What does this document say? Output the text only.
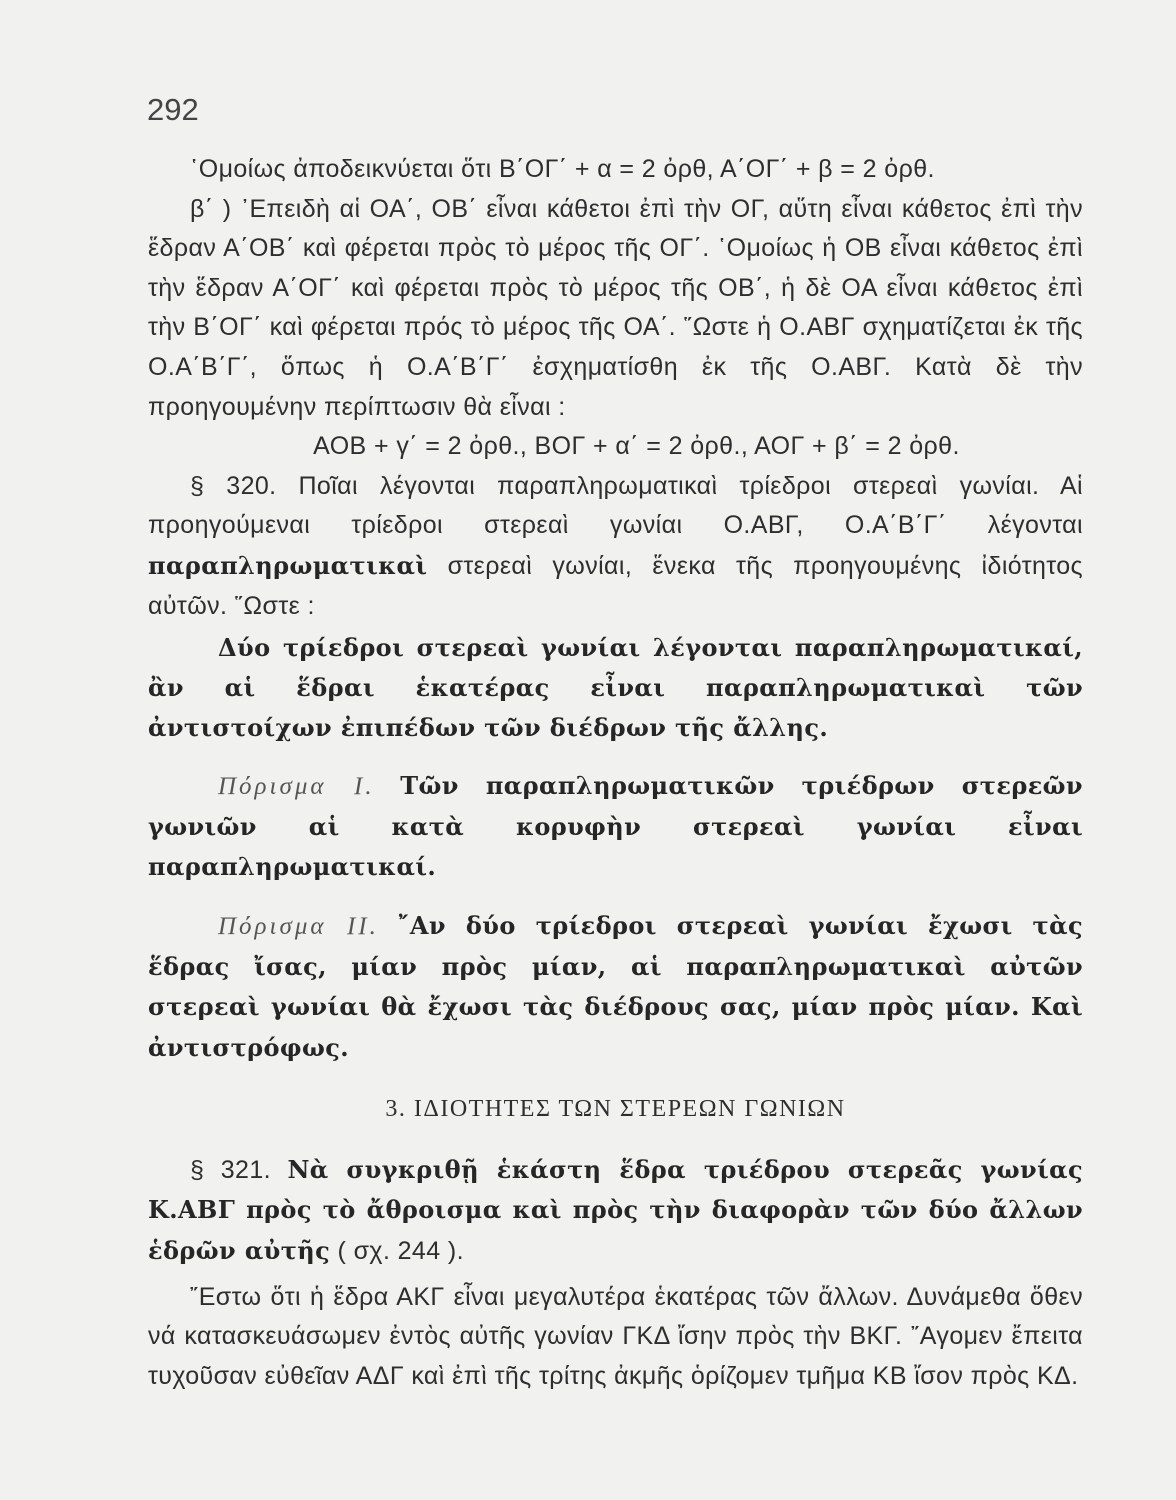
292

῾Ομοίως ἀποδεικνύεται ὅτι Β΄ΟΓ΄ + α = 2 ὀρθ, Α΄ΟΓ΄ + β = 2 ὀρθ.

β΄ ) ᾿Επειδὴ αἱ ΟΑ΄, ΟΒ΄ εἶναι κάθετοι ἐπὶ τὴν ΟΓ, αὕτη εἶναι κάθετος ἐπὶ τὴν ἕδραν Α΄ΟΒ΄ καὶ φέρεται πρὸς τὸ μέρος τῆς ΟΓ΄. ῾Ομοίως ἡ ΟΒ εἶναι κάθετος ἐπὶ τὴν ἕδραν Α΄ΟΓ΄ καὶ φέρεται πρὸς τὸ μέρος τῆς ΟΒ΄, ἡ δὲ ΟΑ εἶναι κάθετος ἐπὶ τὴν Β΄ΟΓ΄ καὶ φέρεται πρός τὸ μέρος τῆς ΟΑ΄. ῞Ωστε ἡ Ο.ΑΒΓ σχηματίζεται ἐκ τῆς Ο.Α΄Β΄Γ΄, ὅπως ἡ Ο.Α΄Β΄Γ΄ ἐσχηματίσθη ἐκ τῆς Ο.ΑΒΓ. Κατὰ δὲ τὴν προηγουμένην περίπτωσιν θὰ εἶναι :

ΑΟΒ + γ΄ = 2 ὀρθ., ΒΟΓ + α΄ = 2 ὀρθ., ΑΟΓ + β΄ = 2 ὀρθ.

§ 320. Ποῖαι λέγονται παραπληρωματικαὶ τρίεδροι στερεαὶ γωνίαι. Αἱ προηγούμεναι τρίεδροι στερεαὶ γωνίαι Ο.ΑΒΓ, Ο.Α΄Β΄Γ΄ λέγονται παραπληρωματικαὶ στερεαὶ γωνίαι, ἕνεκα τῆς προηγουμένης ἰδιότητος αὐτῶν. ῞Ωστε :

Δύο τρίεδροι στερεαὶ γωνίαι λέγονται παραπληρωματικαί, ἂν αἱ ἕδραι ἑκατέρας εἶναι παραπληρωματικαὶ τῶν ἀντιστοίχων ἐπιπέδων τῶν διέδρων τῆς ἄλλης.

Πόρισμα Ι. Τῶν παραπληρωματικῶν τριέδρων στερεῶν γωνιῶν αἱ κατὰ κορυφὴν στερεαὶ γωνίαι εἶναι παραπληρωματικαί.

Πόρισμα ΙΙ. ῎Αν δύο τρίεδροι στερεαὶ γωνίαι ἔχωσι τὰς ἕδρας ἴσας, μίαν πρὸς μίαν, αἱ παραπληρωματικαὶ αὐτῶν στερεαὶ γωνίαι θὰ ἔχωσι τὰς διέδρους σας, μίαν πρὸς μίαν. Καὶ ἀντιστρόφως.

3. ΙΔΙΟΤΗΤΕΣ ΤΩΝ ΣΤΕΡΕΩΝ ΓΩΝΙΩΝ

§ 321. Νὰ συγκριθῇ ἑκάστη ἕδρα τριέδρου στερεᾶς γωνίας Κ.ΑΒΓ πρὸς τὸ ἄθροισμα καὶ πρὸς τὴν διαφορὰν τῶν δύο ἄλλων ἑδρῶν αὐτῆς ( σχ. 244 ).

῎Εστω ὅτι ἡ ἕδρα ΑΚΓ εἶναι μεγαλυτέρα ἑκατέρας τῶν ἄλλων. Δυνάμεθα ὅθεν νά κατασκευάσωμεν ἐντὸς αὐτῆς γωνίαν ΓΚΔ ἴσην πρὸς τὴν ΒΚΓ. ῎Αγομεν ἔπειτα τυχοῦσαν εὐθεῖαν ΑΔΓ καὶ ἐπὶ τῆς τρίτης ἀκμῆς ὁρίζομεν τμῆμα ΚΒ ἴσον πρὸς ΚΔ.
